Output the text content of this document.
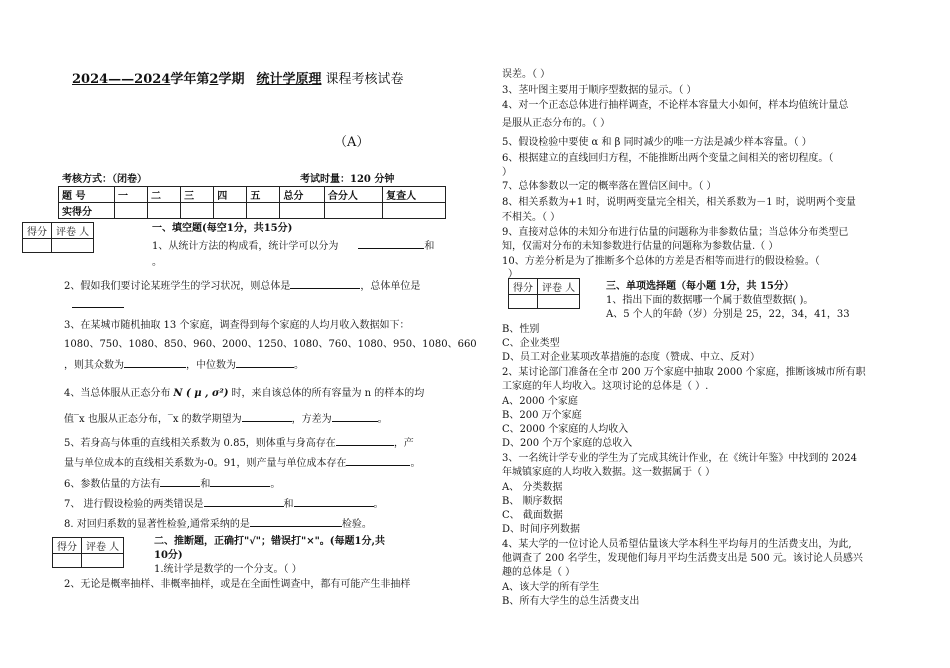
2024——2024学年第2学期 统计学原理 课程考核试卷
（A）
考核方式：（闭卷）	考试时量：120 分钟
题 号	一	二	三	四	五	总分	合分人	复查人
实得分								
得分	评卷 人
		一、填空题(每空1分，共15分)
1、从统计方法的构成看，统计学可以分为	和
。
2、假如我们要讨论某班学生的学习状况，则总体是	，总体单位是
3、在某城市随机抽取 13 个家庭，调查得到每个家庭的人均月收入数据如下：
1080、750、1080、850、960、2000、1250、1080、760、1080、950、1080、660
，则其众数为	，中位数为	。
4、当总体服从正态分布 N ( μ , σ²) 时，来自该总体的所有容量为 n 的样本的均
值‾x 也服从正态分布，‾x 的数学期望为	，方差为	。
5、若身高与体重的直线相关系数为 0.85，则体重与身高存在	，产
量与单位成本的直线相关系数为-0。91，则产量与单位成本存在	。
6、参数估量的方法有	和	。
7、 进行假设检验的两类错误是	和	。
8. 对回归系数的显著性检验,通常采纳的是	检验。
得分	评卷 人

二、推断题，正确打"√"；错误打"×"。(每题1分,共
10分)
1.统计学是数学的一个分支。（ ）
2、无论是概率抽样、非概率抽样，或是在全面性调查中，都有可能产生非抽样
误差。（ ）
3、茎叶图主要用于顺序型数据的显示。（ ）
4、对一个正态总体进行抽样调查，不论样本容量大小如何，样本均值统计量总
是服从正态分布的。（ ）
5、假设检验中要使 α 和 β 同时减少的唯一方法是减少样本容量。（ ）
6、根据建立的直线回归方程，不能推断出两个变量之间相关的密切程度。（
）
7、总体参数以一定的概率落在置信区间中。（ ）
8、相关系数为+1 时，说明两变量完全相关，相关系数为－1 时，说明两个变量
不相关。（ ）
9、直接对总体的未知分布进行估量的问题称为非参数估量；当总体分布类型已
知，仅需对分布的未知参数进行估量的问题称为参数估量.（ ）
10、方差分析是为了推断多个总体的方差是否相等而进行的假设检验。（
）
得分	评卷 人
		三、单项选择题（每小题 1分，共 15分）
1、指出下面的数据哪一个属于数值型数据( )。
A、5 个人的年龄（岁）分别是 25，22，34，41，33
B、性别
C、企业类型
D、员工对企业某项改革措施的态度（赞成、中立、反对）
2、某讨论部门准备在全市 200 万个家庭中抽取 2000 个家庭，推断该城市所有职
工家庭的年人均收入。这项讨论的总体是（ ）.
A、2000 个家庭
B、200 万个家庭
C、2000 个家庭的人均收入
D、200 个万个家庭的总收入
3、一名统计学专业的学生为了完成其统计作业，在《统计年鉴》中找到的 2024
年城镇家庭的人均收入数据。这一数据属于（ ）
A、 分类数据
B、 顺序数据
C、 截面数据
D、时间序列数据
4、某大学的一位讨论人员希望估量该大学本科生平均每月的生活费支出，为此,
他调查了 200 名学生，发现他们每月平均生活费支出是 500 元。该讨论人员感兴
趣的总体是（ ）
A、该大学的所有学生
B、所有大学生的总生活费支出
